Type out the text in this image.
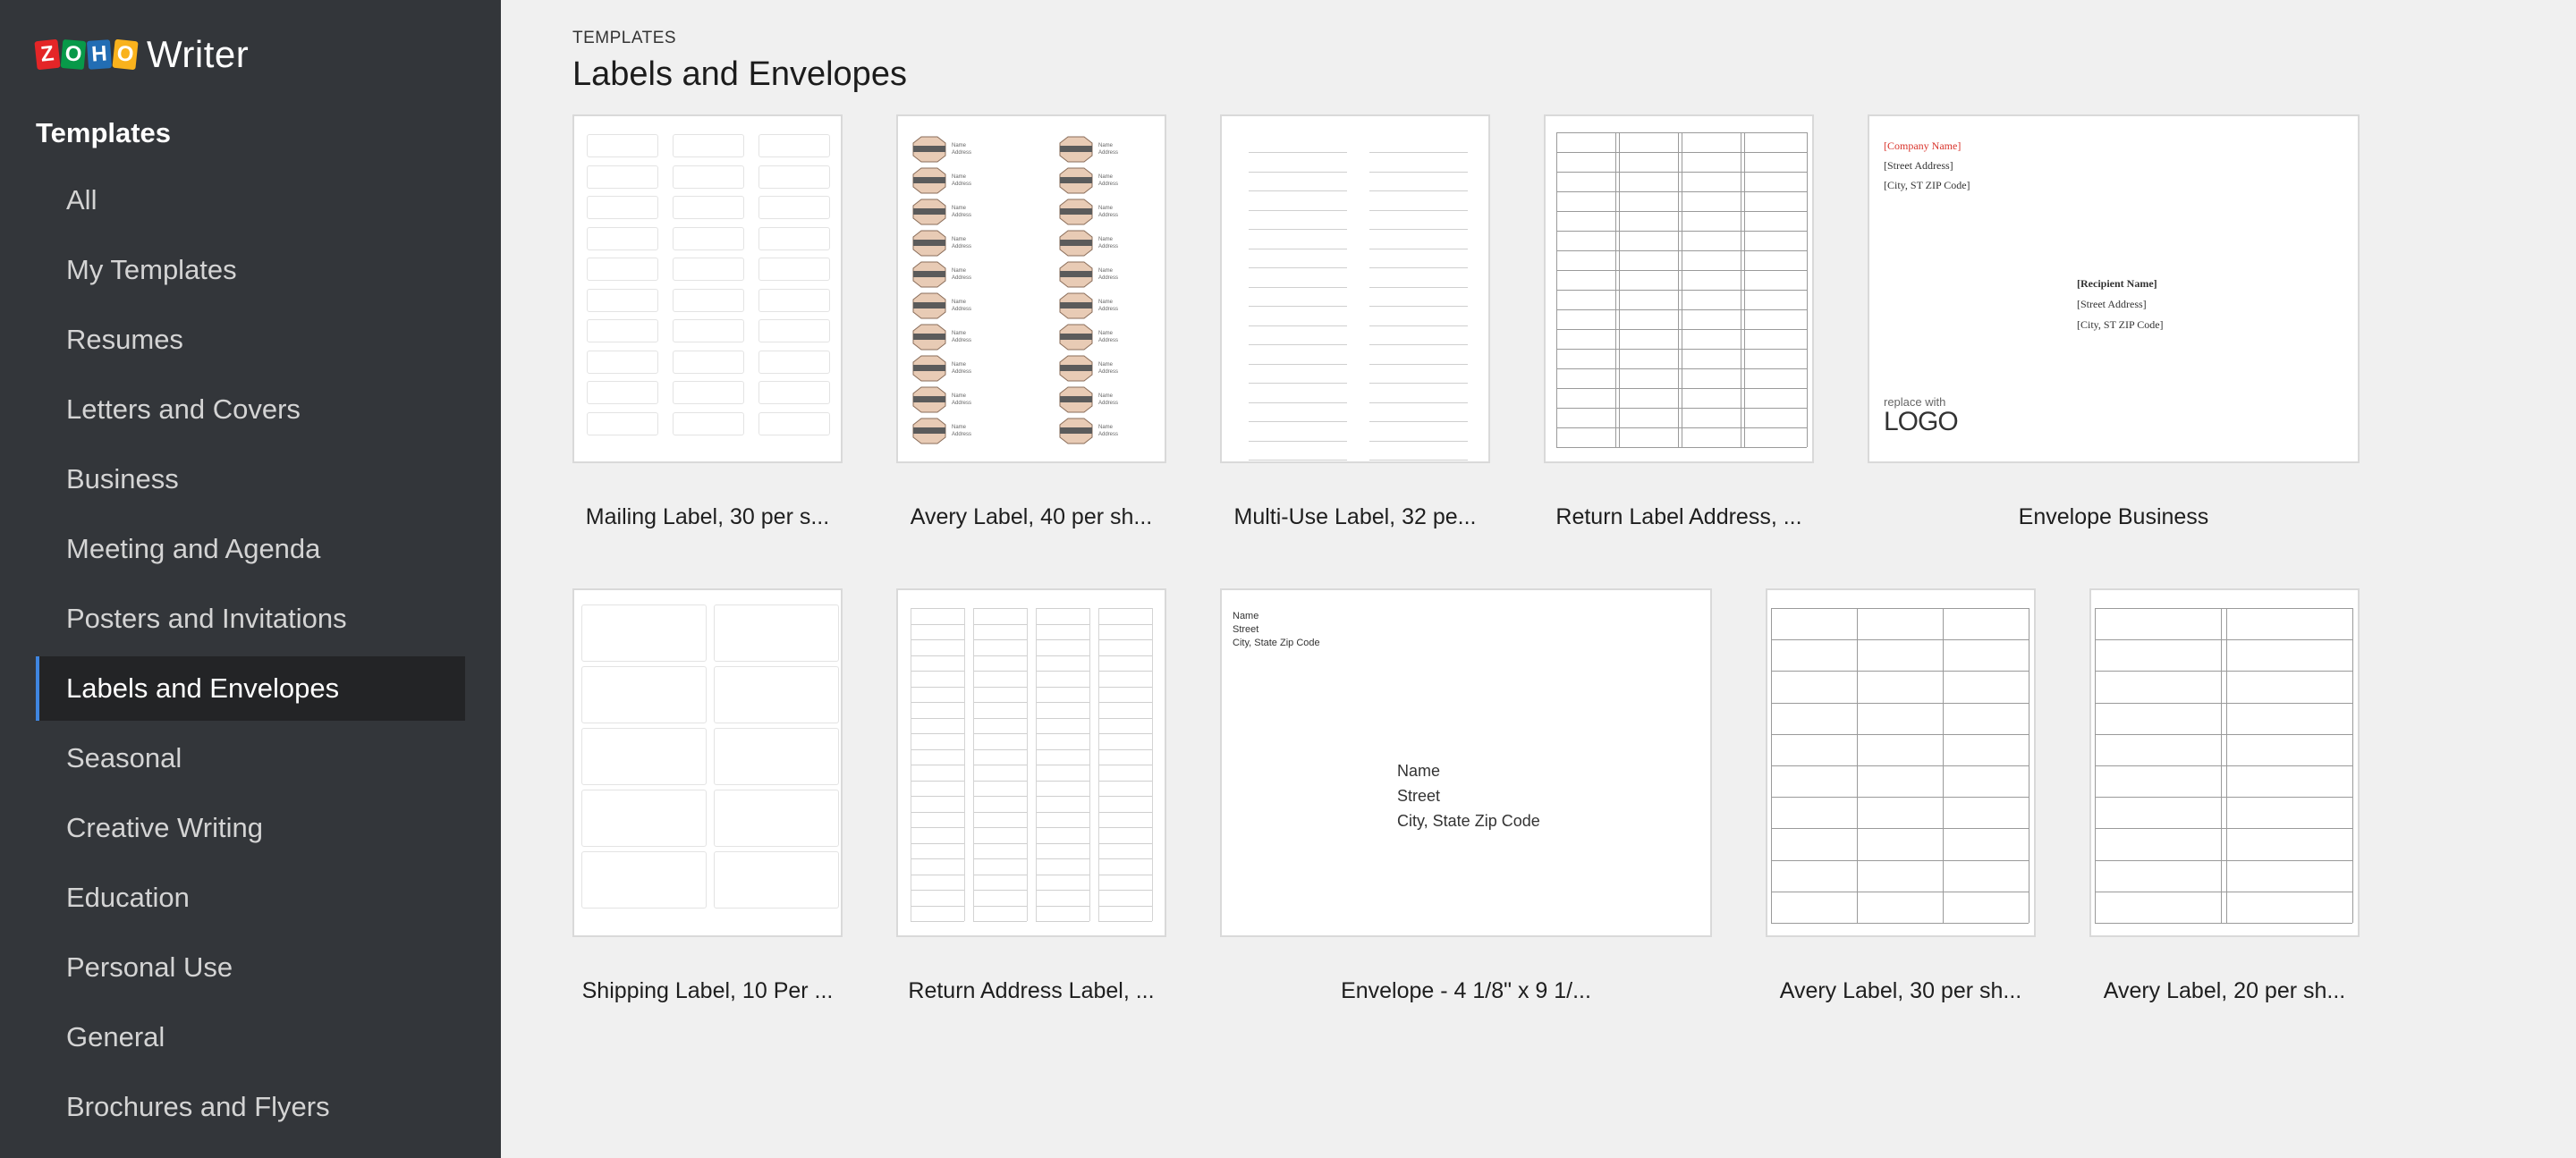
Z O H O Writer
Templates
All
My Templates
Resumes
Letters and Covers
Business
Meeting and Agenda
Posters and Invitations
Labels and Envelopes
Seasonal
Creative Writing
Education
Personal Use
General
Brochures and Flyers
TEMPLATES
Labels and Envelopes
Mailing Label, 30 per s...
Name
Address
Name
Address
Name
Address
Name
Address
Name
Address
Name
Address
Name
Address
Name
Address
Name
Address
Name
Address
Name
Address
Name
Address
Name
Address
Name
Address
Name
Address
Name
Address
Name
Address
Name
Address
Name
Address
Name
Address
Avery Label, 40 per sh...	Multi-Use Label, 32 pe...	Return Label Address, ...
[Company Name]
[Street Address]
[City, ST ZIP Code]
[Recipient Name]
[Street Address]
[City, ST ZIP Code]
replace with
LOGO
Envelope Business
Shipping Label, 10 Per ...	Return Address Label, ...
Name
Street
City, State Zip Code
Name
Street
City, State Zip Code
Envelope - 4 1/8" x 9 1/...	Avery Label, 30 per sh...	Avery Label, 20 per sh...
